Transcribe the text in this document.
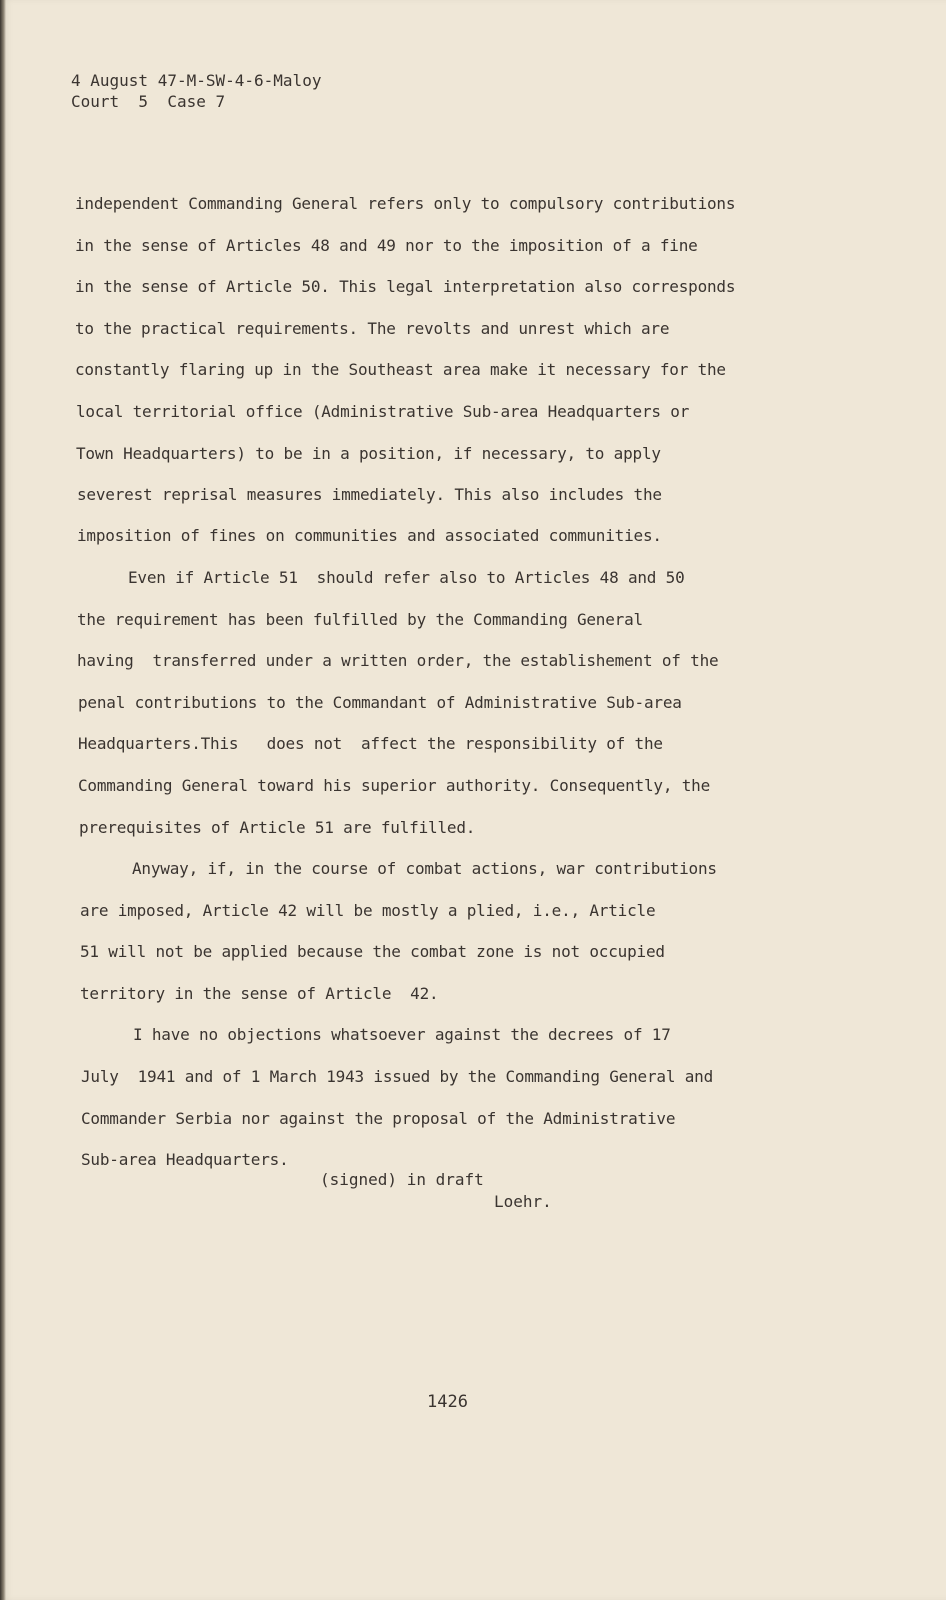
4 August 47-M-SW-4-6-Maloy
Court  5  Case 7
independent Commanding General refers only to compulsory contributions
in the sense of Articles 48 and 49 nor to the imposition of a fine
in the sense of Article 50. This legal interpretation also corresponds
to the practical requirements. The revolts and unrest which are
constantly flaring up in the Southeast area make it necessary for the
local territorial office (Administrative Sub-area Headquarters or
Town Headquarters) to be in a position, if necessary, to apply
severest reprisal measures immediately. This also includes the
imposition of fines on communities and associated communities.
Even if Article 51  should refer also to Articles 48 and 50
the requirement has been fulfilled by the Commanding General
having  transferred under a written order, the establishement of the
penal contributions to the Commandant of Administrative Sub-area
Headquarters.This   does not  affect the responsibility of the
Commanding General toward his superior authority. Consequently, the
prerequisites of Article 51 are fulfilled.
Anyway, if, in the course of combat actions, war contributions
are imposed, Article 42 will be mostly a plied, i.e., Article
51 will not be applied because the combat zone is not occupied
territory in the sense of Article  42.
I have no objections whatsoever against the decrees of 17
July  1941 and of 1 March 1943 issued by the Commanding General and
Commander Serbia nor against the proposal of the Administrative
Sub-area Headquarters.
(signed) in draft
Loehr.
1426
